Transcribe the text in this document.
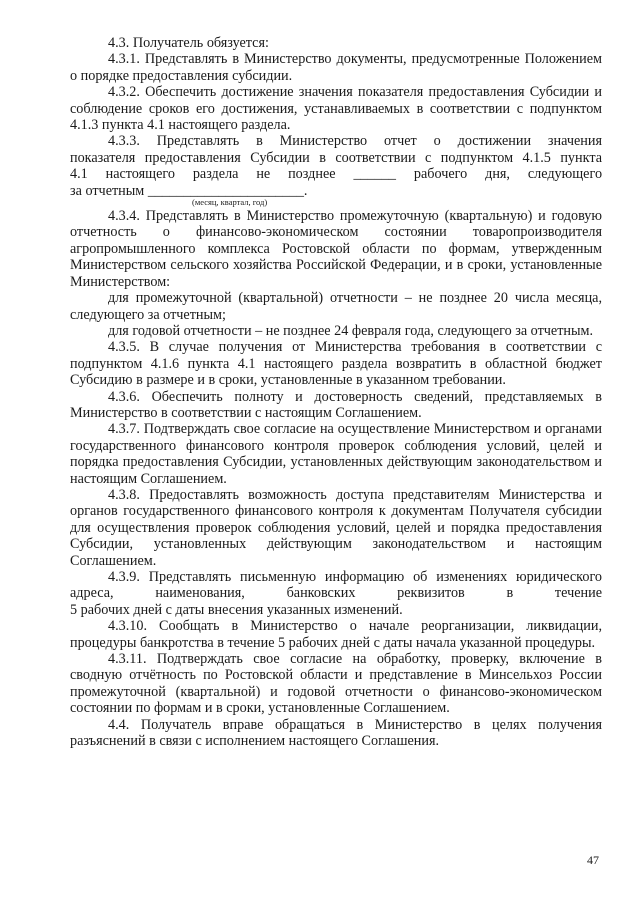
4.3. Получатель обязуется:

4.3.1. Представлять в Министерство документы, предусмотренные Положением о порядке предоставления субсидии.

4.3.2. Обеспечить достижение значения показателя предоставления Субсидии и соблюдение сроков его достижения, устанавливаемых в соответствии с подпунктом 4.1.3 пункта 4.1 настоящего раздела.

4.3.3. Представлять в Министерство отчет о достижении значения
показателя предоставления Субсидии в соответствии с подпунктом 4.1.5 пункта
4.1 настоящего раздела не позднее ______ рабочего дня, следующего
за отчетным ______________________.
(месяц, квартал, год)

4.3.4. Представлять в Министерство промежуточную (квартальную) и годовую отчетность о финансово-экономическом состоянии товаропроизводителя агропромышленного комплекса Ростовской области по формам, утвержденным Министерством сельского хозяйства Российской Федерации, и в сроки, установленные Министерством:

для промежуточной (квартальной) отчетности – не позднее 20 числа месяца, следующего за отчетным;

для годовой отчетности – не позднее 24 февраля года, следующего за отчетным.

4.3.5. В случае получения от Министерства требования в соответствии с подпунктом 4.1.6 пункта 4.1 настоящего раздела возвратить в областной бюджет Субсидию в размере и в сроки, установленные в указанном требовании.

4.3.6. Обеспечить полноту и достоверность сведений, представляемых в Министерство в соответствии с настоящим Соглашением.

4.3.7. Подтверждать свое согласие на осуществление Министерством и органами государственного финансового контроля проверок соблюдения условий, целей и порядка предоставления Субсидии, установленных действующим законодательством и настоящим Соглашением.

4.3.8. Предоставлять возможность доступа представителям Министерства и органов государственного финансового контроля к документам Получателя субсидии для осуществления проверок соблюдения условий, целей и порядка предоставления Субсидии, установленных действующим законодательством и настоящим Соглашением.

4.3.9. Представлять письменную информацию об изменениях юридического
адреса, наименования, банковских реквизитов в течение
5 рабочих дней с даты внесения указанных изменений.

4.3.10. Сообщать в Министерство о начале реорганизации, ликвидации, процедуры банкротства в течение 5 рабочих дней с даты начала указанной процедуры.

4.3.11. Подтверждать свое согласие на обработку, проверку, включение в сводную отчётность по Ростовской области и представление в Минсельхоз России промежуточной (квартальной) и годовой отчетности о финансово-экономическом состоянии по формам и в сроки, установленные Соглашением.

4.4. Получатель вправе обращаться в Министерство в целях получения разъяснений в связи с исполнением настоящего Соглашения.

47
